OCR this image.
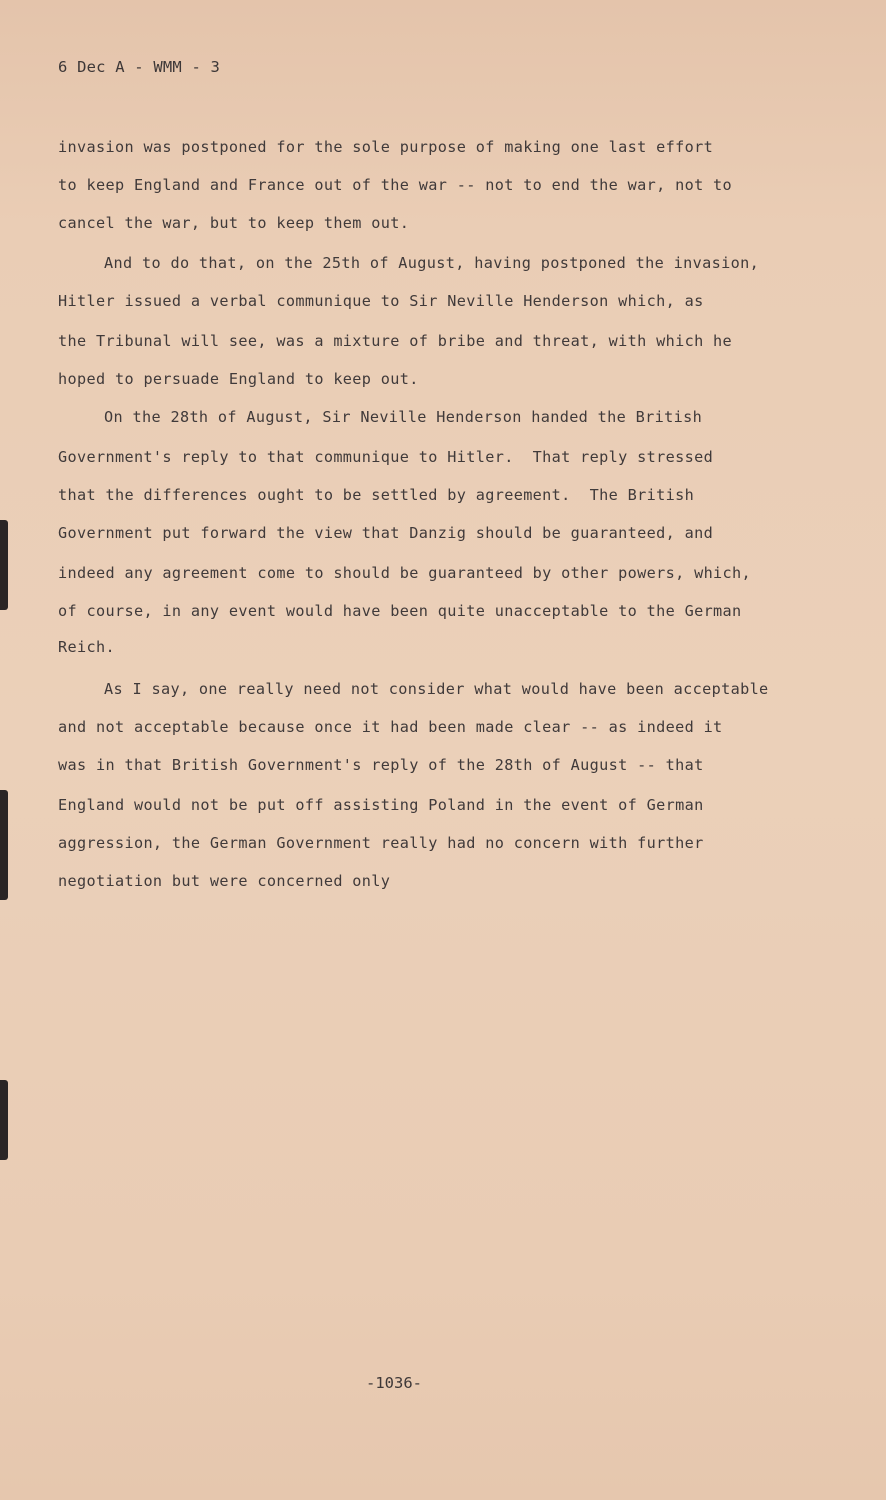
6 Dec A - WMM - 3
invasion was postponed for the sole purpose of making one last effort
to keep England and France out of the war -- not to end the war, not to
cancel the war, but to keep them out.
And to do that, on the 25th of August, having postponed the invasion,
Hitler issued a verbal communique to Sir Neville Henderson which, as
the Tribunal will see, was a mixture of bribe and threat, with which he
hoped to persuade England to keep out.
On the 28th of August, Sir Neville Henderson handed the British
Government's reply to that communique to Hitler.  That reply stressed
that the differences ought to be settled by agreement.  The British
Government put forward the view that Danzig should be guaranteed, and
indeed any agreement come to should be guaranteed by other powers, which,
of course, in any event would have been quite unacceptable to the German
Reich.
As I say, one really need not consider what would have been acceptable
and not acceptable because once it had been made clear -- as indeed it
was in that British Government's reply of the 28th of August -- that
England would not be put off assisting Poland in the event of German
aggression, the German Government really had no concern with further
negotiation but were concerned only
-1036-
